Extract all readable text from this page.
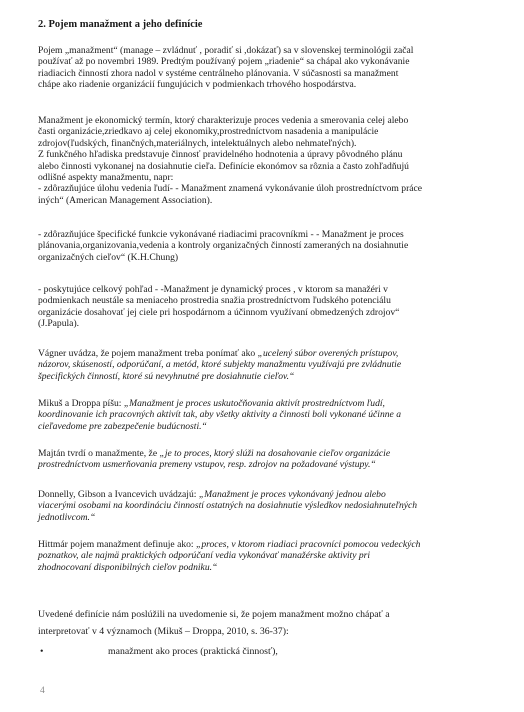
2. Pojem manažment a jeho definície
Pojem „manažment“ (manage – zvládnuť , poradiť si ,dokázať) sa v slovenskej terminológii začal
používať až po novembri 1989. Predtým používaný pojem „riadenie“ sa chápal ako vykonávanie
riadiacich činností zhora nadol v systéme centrálneho plánovania. V súčasnosti sa manažment
chápe ako riadenie organizácií fungujúcich v podmienkach trhového hospodárstva.
Manažment je ekonomický termín, ktorý charakterizuje proces vedenia a smerovania celej alebo
časti organizácie,zriedkavo aj celej ekonomiky,prostredníctvom nasadenia a manipulácie
zdrojov(ľudských, finančných,materiálnych, intelektuálnych alebo nehmateľných).
Z funkčného hľadiska predstavuje činnosť pravidelného hodnotenia a úpravy pôvodného plánu
alebo činnosti vykonanej na dosiahnutie cieľa. Definície ekonómov sa rôznia a často zohľadňujú
odlišné aspekty manažmentu, napr:
- zdôrazňujúce úlohu vedenia ľudí- - Manažment znamená vykonávanie úloh prostredníctvom práce
iných“ (American Management Association).
- zdôrazňujúce špecifické funkcie vykonávané riadiacimi pracovníkmi - - Manažment je proces
plánovania,organizovania,vedenia a kontroly organizačných činností zameraných na dosiahnutie
organizačných cieľov“ (K.H.Chung)
- poskytujúce celkový pohľad - -Manažment je dynamický proces , v ktorom sa manažéri v
podmienkach neustále sa meniaceho prostredia snažia prostredníctvom ľudského potenciálu
organizácie dosahovať jej ciele pri hospodárnom a účinnom využívaní obmedzených zdrojov“
(J.Papula).
Vágner uvádza, že pojem manažment treba ponímať ako „ucelený súbor overených prístupov,
názorov, skúseností, odporúčaní, a metód, ktoré subjekty manažmentu využívajú pre zvládnutie
špecifických činností, ktoré sú nevyhnutné pre dosiahnutie cieľov.“
Mikuš a Droppa píšu: „Manažment je proces uskutočňovania aktivít prostredníctvom ľudí,
koordinovanie ich pracovných aktivít tak, aby všetky aktivity a činnosti boli vykonané účinne a
cieľavedome pre zabezpečenie budúcnosti.“
Majtán tvrdí o manažmente, že „je to proces, ktorý slúži na dosahovanie cieľov organizácie
prostredníctvom usmerňovania premeny vstupov, resp. zdrojov na požadované výstupy.“
Donnelly, Gibson a Ivancevich uvádzajú: „Manažment je proces vykonávaný jednou alebo
viacerými osobami na koordináciu činností ostatných na dosiahnutie výsledkov nedosiahnuteľných
jednotlivcom.“
Hittmár pojem manažment definuje ako: „proces, v ktorom riadiaci pracovníci pomocou vedeckých
poznatkov, ale najmä praktických odporúčaní vedia vykonávať manažérske aktivity pri
zhodnocovaní disponibilných cieľov podniku.“
Uvedené definície nám poslúžili na uvedomenie si, že pojem manažment možno chápať a
interpretovať v 4 významoch (Mikuš – Droppa, 2010, s. 36-37):
•	manažment ako proces (praktická činnosť),
4
